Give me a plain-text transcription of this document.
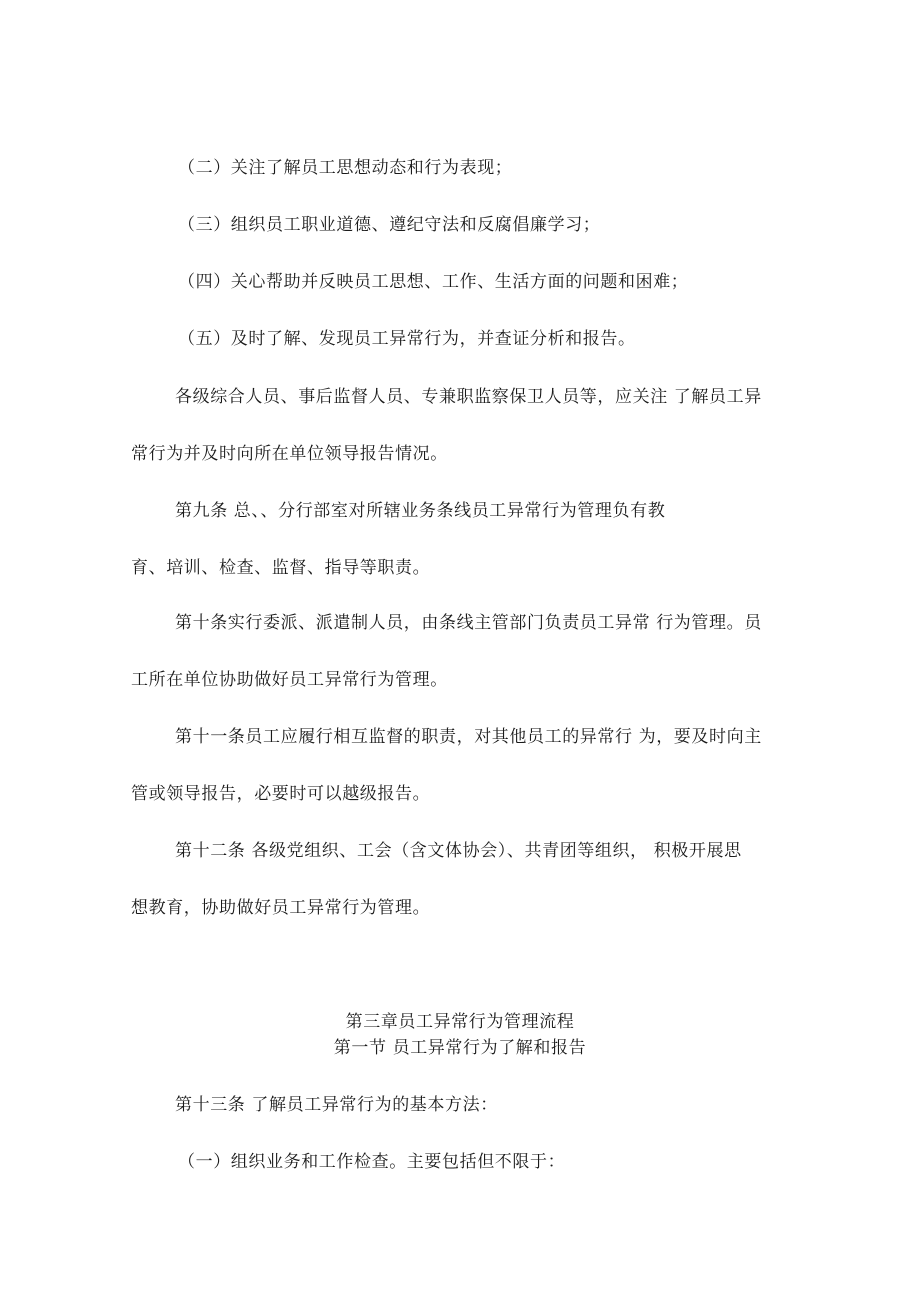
（二）关注了解员工思想动态和行为表现；
（三）组织员工职业道德、遵纪守法和反腐倡廉学习；
（四）关心帮助并反映员工思想、工作、生活方面的问题和困难；
（五）及时了解、发现员工异常行为，并查证分析和报告。
各级综合人员、事后监督人员、专兼职监察保卫人员等，应关注 了解员工异
常行为并及时向所在单位领导报告情况。
第九条 总、、分行部室对所辖业务条线员工异常行为管理负有教
育、培训、检查、监督、指导等职责。
第十条实行委派、派遣制人员，由条线主管部门负责员工异常 行为管理。员
工所在单位协助做好员工异常行为管理。
第十一条员工应履行相互监督的职责，对其他员工的异常行 为，要及时向主
管或领导报告，必要时可以越级报告。
第十二条 各级党组织、工会（含文体协会）、共青团等组织， 积极开展思
想教育，协助做好员工异常行为管理。
第三章员工异常行为管理流程
第一节 员工异常行为了解和报告
第十三条 了解员工异常行为的基本方法：
（一）组织业务和工作检查。主要包括但不限于：
